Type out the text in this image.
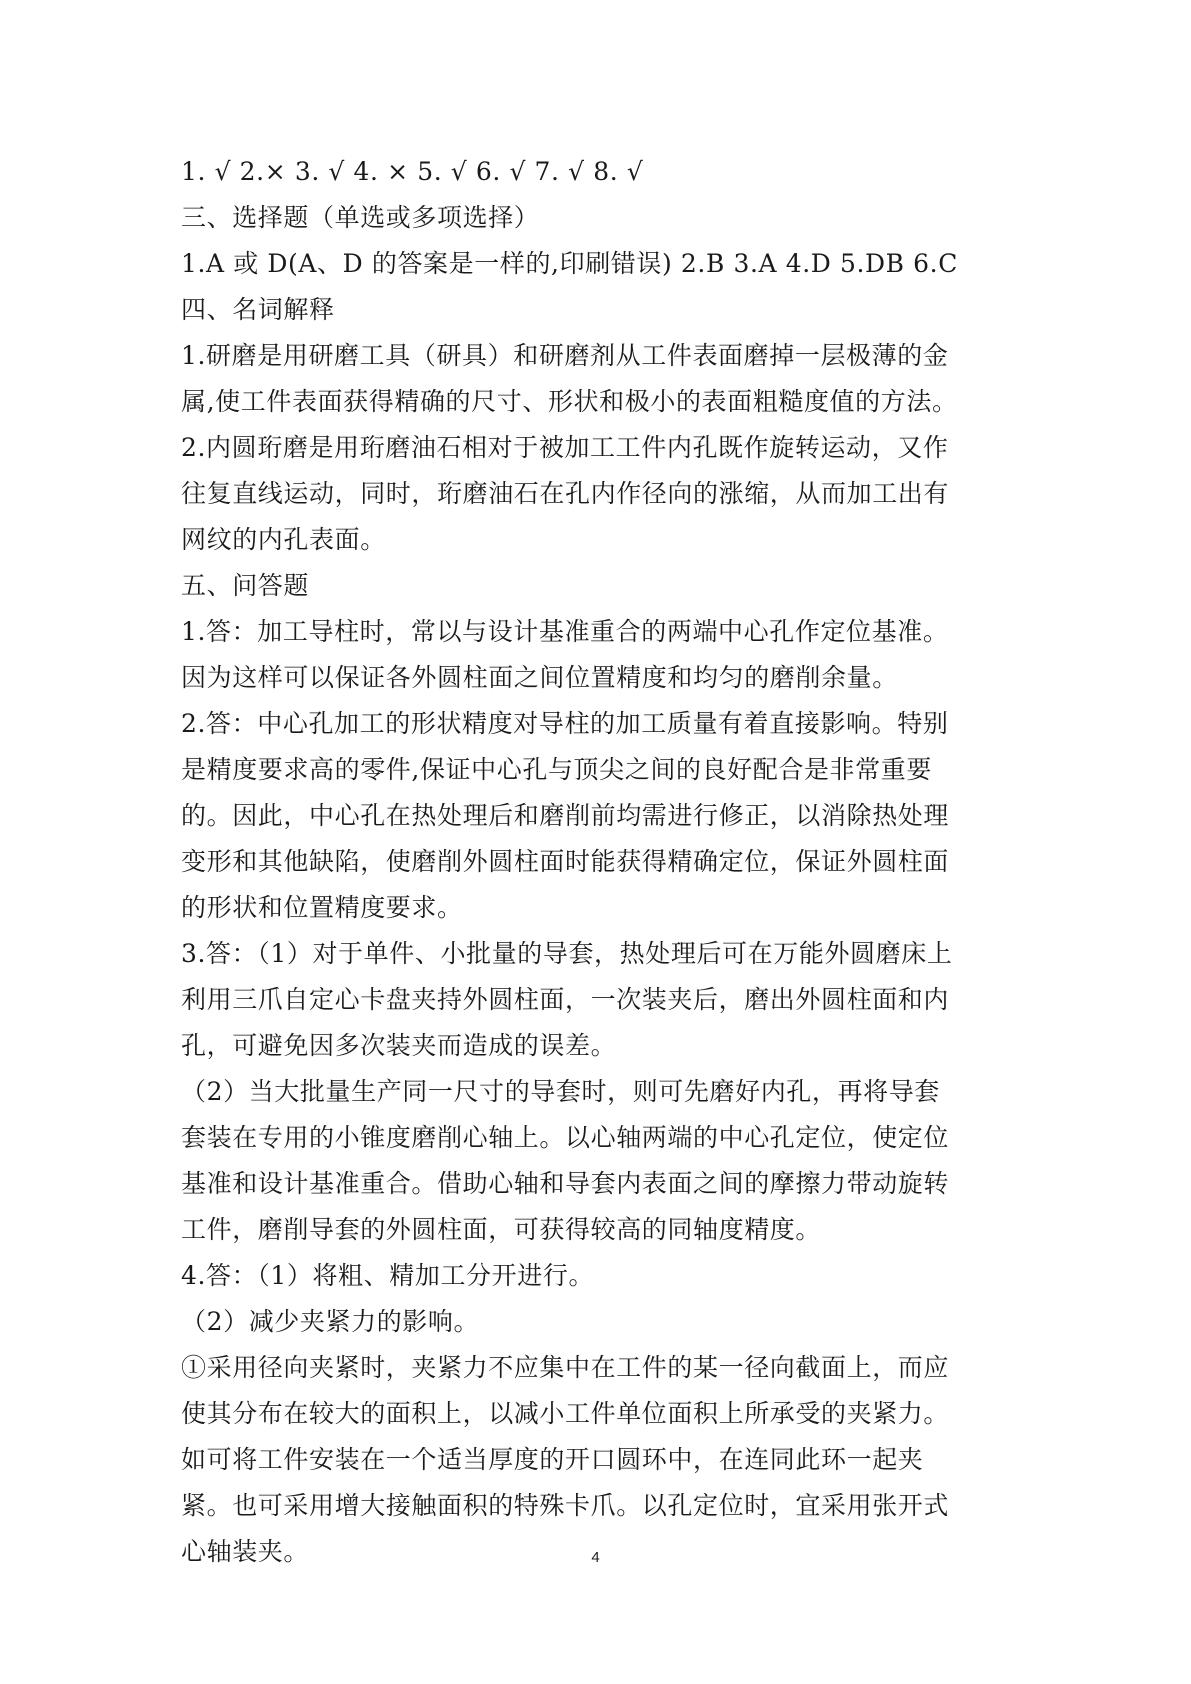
1. √ 2.× 3. √ 4. × 5. √ 6. √ 7. √ 8. √
三、选择题（单选或多项选择）
1.A 或 D(A、D 的答案是一样的,印刷错误) 2.B 3.A 4.D 5.DB 6.C
四、名词解释
1.研磨是用研磨工具（研具）和研磨剂从工件表面磨掉一层极薄的金
属,使工件表面获得精确的尺寸、形状和极小的表面粗糙度值的方法。
2.内圆珩磨是用珩磨油石相对于被加工工件内孔既作旋转运动，又作
往复直线运动，同时，珩磨油石在孔内作径向的涨缩，从而加工出有
网纹的内孔表面。
五、问答题
1.答：加工导柱时，常以与设计基准重合的两端中心孔作定位基准。
因为这样可以保证各外圆柱面之间位置精度和均匀的磨削余量。
2.答：中心孔加工的形状精度对导柱的加工质量有着直接影响。特别
是精度要求高的零件,保证中心孔与顶尖之间的良好配合是非常重要
的。因此，中心孔在热处理后和磨削前均需进行修正，以消除热处理
变形和其他缺陷，使磨削外圆柱面时能获得精确定位，保证外圆柱面
的形状和位置精度要求。
3.答：（1）对于单件、小批量的导套，热处理后可在万能外圆磨床上
利用三爪自定心卡盘夹持外圆柱面，一次装夹后，磨出外圆柱面和内
孔，可避免因多次装夹而造成的误差。
（2）当大批量生产同一尺寸的导套时，则可先磨好内孔，再将导套
套装在专用的小锥度磨削心轴上。以心轴两端的中心孔定位，使定位
基准和设计基准重合。借助心轴和导套内表面之间的摩擦力带动旋转
工件，磨削导套的外圆柱面，可获得较高的同轴度精度。
4.答：（1）将粗、精加工分开进行。
（2）减少夹紧力的影响。
①采用径向夹紧时，夹紧力不应集中在工件的某一径向截面上，而应
使其分布在较大的面积上，以减小工件单位面积上所承受的夹紧力。
如可将工件安装在一个适当厚度的开口圆环中，在连同此环一起夹
紧。也可采用增大接触面积的特殊卡爪。以孔定位时，宜采用张开式
心轴装夹。	4
